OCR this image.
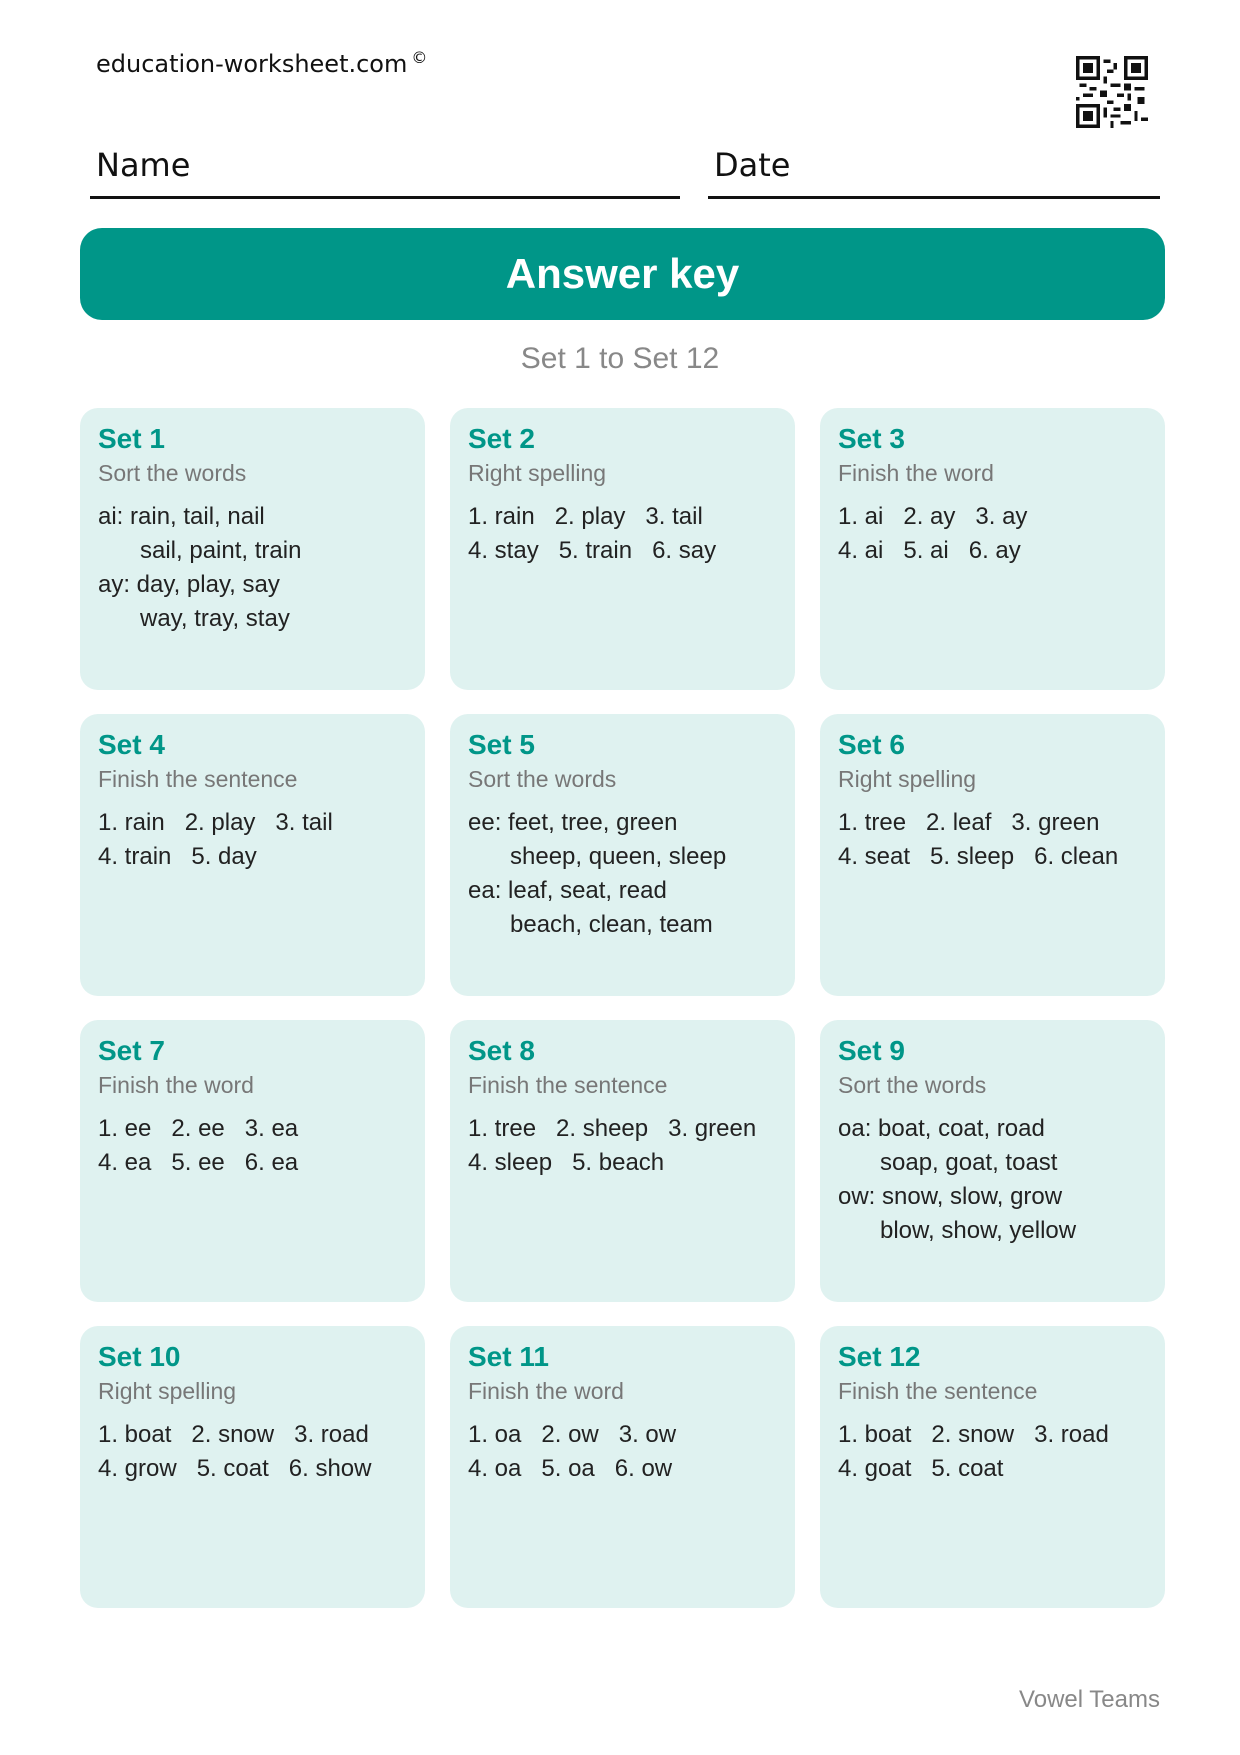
education-worksheet.com ©
Name	Date
Answer key
Set 1 to Set 12
Set 1
Sort the words
ai: rain, tail, nail
sail, paint, train
ay: day, play, say
way, tray, stay
Set 2
Right spelling
1. rain   2. play   3. tail
4. stay   5. train   6. say
Set 3
Finish the word
1. ai   2. ay   3. ay
4. ai   5. ai   6. ay
Set 4
Finish the sentence
1. rain   2. play   3. tail
4. train   5. day
Set 5
Sort the words
ee: feet, tree, green
sheep, queen, sleep
ea: leaf, seat, read
beach, clean, team
Set 6
Right spelling
1. tree   2. leaf   3. green
4. seat   5. sleep   6. clean
Set 7
Finish the word
1. ee   2. ee   3. ea
4. ea   5. ee   6. ea
Set 8
Finish the sentence
1. tree   2. sheep   3. green
4. sleep   5. beach
Set 9
Sort the words
oa: boat, coat, road
soap, goat, toast
ow: snow, slow, grow
blow, show, yellow
Set 10
Right spelling
1. boat   2. snow   3. road
4. grow   5. coat   6. show
Set 11
Finish the word
1. oa   2. ow   3. ow
4. oa   5. oa   6. ow
Set 12
Finish the sentence
1. boat   2. snow   3. road
4. goat   5. coat
Vowel Teams
